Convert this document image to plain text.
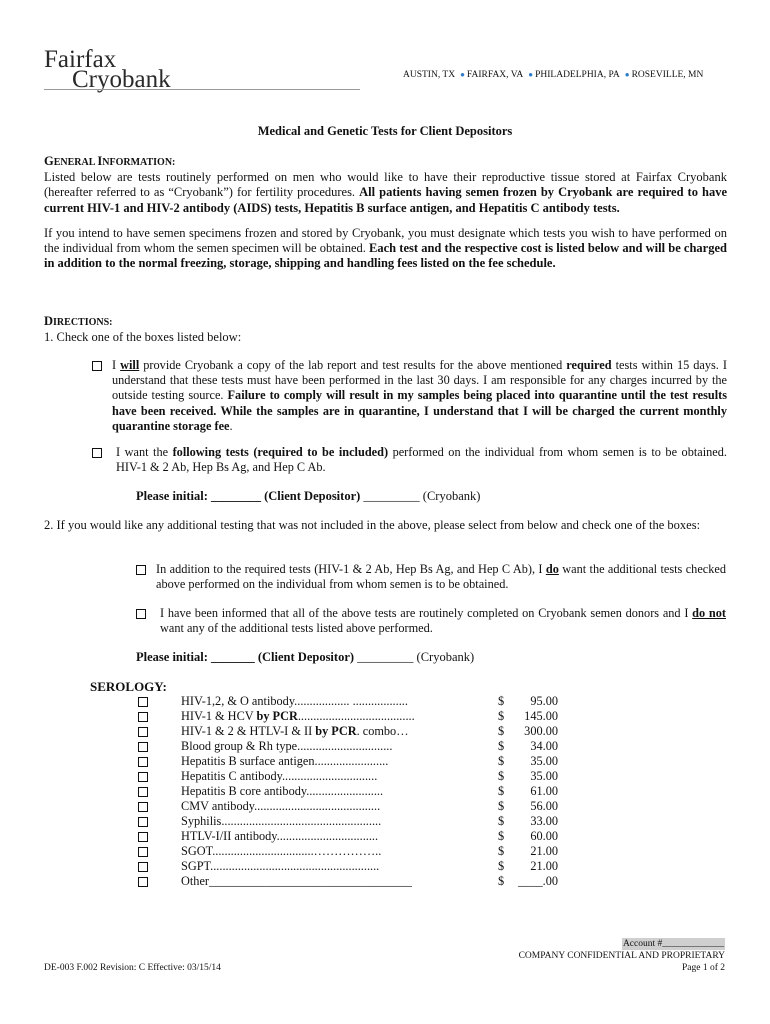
Fairfax
Cryobank	AUSTIN, TX ● FAIRFAX, VA ● PHILADELPHIA, PA ● ROSEVILLE, MN
Medical and Genetic Tests for Client Depositors
GENERAL INFORMATION:

Listed below are tests routinely performed on men who would like to have their reproductive tissue stored at Fairfax Cryobank (hereafter referred to as “Cryobank”) for fertility procedures. All patients having semen frozen by Cryobank are required to have current HIV-1 and HIV-2 antibody (AIDS) tests, Hepatitis B surface antigen, and Hepatitis C antibody tests.

If you intend to have semen specimens frozen and stored by Cryobank, you must designate which tests you wish to have performed on the individual from whom the semen specimen will be obtained. Each test and the respective cost is listed below and will be charged in addition to the normal freezing, storage, shipping and handling fees listed on the fee schedule.

DIRECTIONS:

1. Check one of the boxes listed below:

I will provide Cryobank a copy of the lab report and test results for the above mentioned required tests within 15 days. I understand that these tests must have been performed in the last 30 days. I am responsible for any charges incurred by the outside testing source. Failure to comply will result in my samples being placed into quarantine until the test results have been received. While the samples are in quarantine, I understand that I will be charged the current monthly quarantine storage fee.
I want the following tests (required to be included) performed on the individual from whom semen is to be obtained. HIV-1 & 2 Ab, Hep Bs Ag, and Hep C Ab.
Please initial: ________ (Client Depositor) _________ (Cryobank)
2. If you would like any additional testing that was not included in the above, please select from below and check one of the boxes:
In addition to the required tests (HIV-1 & 2 Ab, Hep Bs Ag, and Hep C Ab), I do want the additional tests checked above performed on the individual from whom semen is to be obtained.
I have been informed that all of the above tests are routinely completed on Cryobank semen donors and I do not want any of the additional tests listed above performed.
Please initial: _______ (Client Depositor) _________ (Cryobank)
SEROLOGY:
HIV-1,2, & O antibody.................. ..................	$	95.00
HIV-1 & HCV by PCR......................................	$	145.00
HIV-1 & 2 & HTLV-I & II by PCR. combo…	$	300.00
Blood group & Rh type...............................	$	34.00
Hepatitis B surface antigen........................	$	35.00
Hepatitis C antibody...............................	$	35.00
Hepatitis B core antibody.........................	$	61.00
CMV antibody.........................................	$	56.00
Syphilis....................................................	$	33.00
HTLV-I/II antibody.................................	$	60.00
SGOT.................................……………..	$	21.00
SGPT.......................................................	$	21.00
Other_________________________________	$	____.00
DE-003 F.002 Revision: C Effective: 03/15/14
Account #_____________
COMPANY CONFIDENTIAL AND PROPRIETARY
Page 1 of 2
